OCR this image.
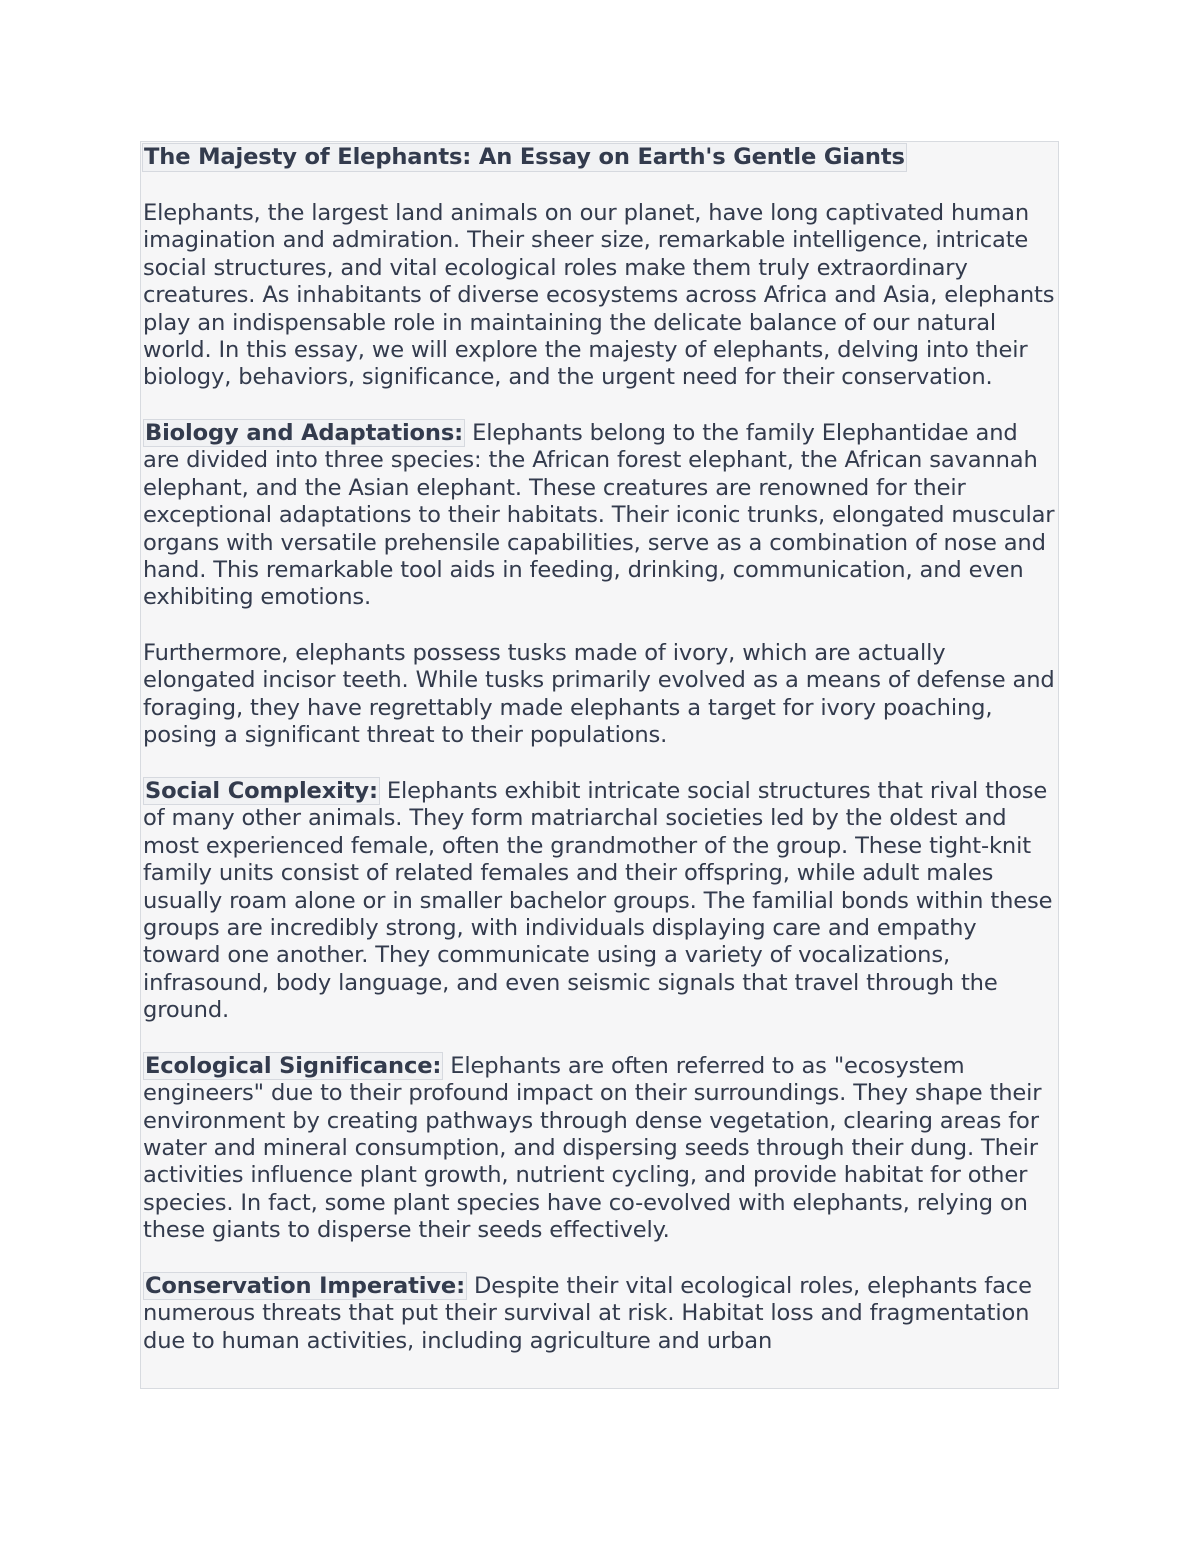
The Majesty of Elephants: An Essay on Earth's Gentle Giants

Elephants, the largest land animals on our planet, have long captivated human imagination and admiration. Their sheer size, remarkable intelligence, intricate social structures, and vital ecological roles make them truly extraordinary creatures. As inhabitants of diverse ecosystems across Africa and Asia, elephants play an indispensable role in maintaining the delicate balance of our natural world. In this essay, we will explore the majesty of elephants, delving into their biology, behaviors, significance, and the urgent need for their conservation.

Biology and Adaptations: Elephants belong to the family Elephantidae and are divided into three species: the African forest elephant, the African savannah elephant, and the Asian elephant. These creatures are renowned for their exceptional adaptations to their habitats. Their iconic trunks, elongated muscular organs with versatile prehensile capabilities, serve as a combination of nose and hand. This remarkable tool aids in feeding, drinking, communication, and even exhibiting emotions.

Furthermore, elephants possess tusks made of ivory, which are actually elongated incisor teeth. While tusks primarily evolved as a means of defense and foraging, they have regrettably made elephants a target for ivory poaching, posing a significant threat to their populations.

Social Complexity: Elephants exhibit intricate social structures that rival those of many other animals. They form matriarchal societies led by the oldest and most experienced female, often the grandmother of the group. These tight-knit family units consist of related females and their offspring, while adult males usually roam alone or in smaller bachelor groups. The familial bonds within these groups are incredibly strong, with individuals displaying care and empathy toward one another. They communicate using a variety of vocalizations, infrasound, body language, and even seismic signals that travel through the ground.

Ecological Significance: Elephants are often referred to as "ecosystem engineers" due to their profound impact on their surroundings. They shape their environment by creating pathways through dense vegetation, clearing areas for water and mineral consumption, and dispersing seeds through their dung. Their activities influence plant growth, nutrient cycling, and provide habitat for other species. In fact, some plant species have co-evolved with elephants, relying on these giants to disperse their seeds effectively.

Conservation Imperative: Despite their vital ecological roles, elephants face numerous threats that put their survival at risk. Habitat loss and fragmentation due to human activities, including agriculture and urban
